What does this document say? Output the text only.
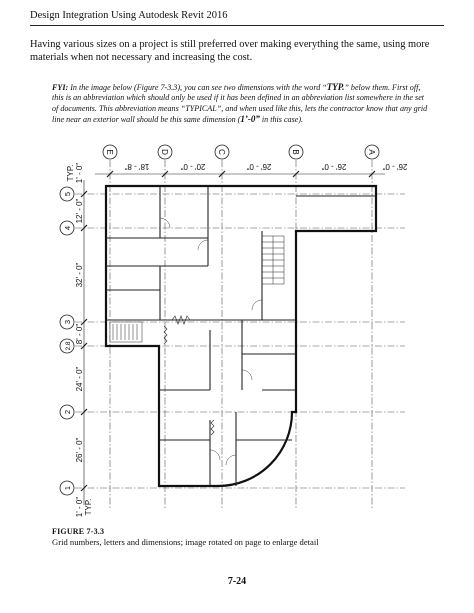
Design Integration Using Autodesk Revit 2016
Having various sizes on a project is still preferred over making everything the same, using more materials when not necessary and increasing the cost.
FYI: In the image below (Figure 7-3.3), you can see two dimensions with the word “TYP.” below them. First off, this is an abbreviation which should only be used if it has been defined in an abbreviation list somewhere in the set of documents. This abbreviation means “TYPICAL”, and when used like this, lets the contractor know that any grid line near an exterior wall should be this same dimension (1’-0” in this case).
E	D	C	B	A
5
4
3
2.8
2
1
18' - 8"	20' - 0"	26' - 0"	26' - 0"	26' - 0"
12' - 0"
32' - 0"
8' - 0"
24' - 0"
26' - 0"
1' - 0"
TYP.
1' - 0" TYP.
FIGURE 7-3.3
Grid numbers, letters and dimensions; image rotated on page to enlarge detail
7-24
